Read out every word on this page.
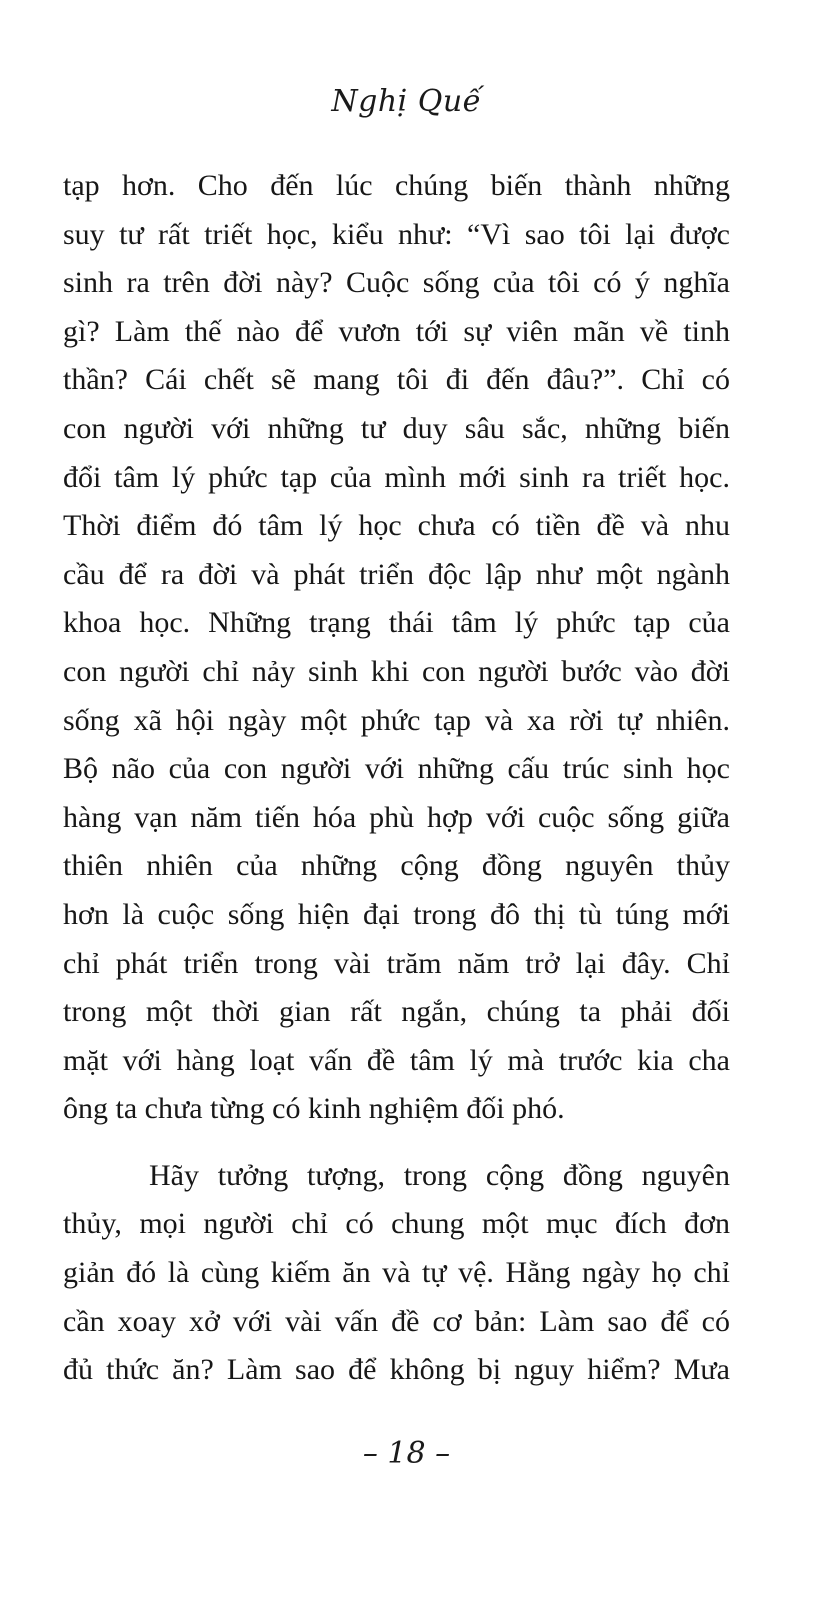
Nghị Quế

tạp hơn. Cho đến lúc chúng biến thành những
suy tư rất triết học, kiểu như: “Vì sao tôi lại được
sinh ra trên đời này? Cuộc sống của tôi có ý nghĩa
gì? Làm thế nào để vươn tới sự viên mãn về tinh
thần? Cái chết sẽ mang tôi đi đến đâu?”. Chỉ có
con người với những tư duy sâu sắc, những biến
đổi tâm lý phức tạp của mình mới sinh ra triết học.
Thời điểm đó tâm lý học chưa có tiền đề và nhu
cầu để ra đời và phát triển độc lập như một ngành
khoa học. Những trạng thái tâm lý phức tạp của
con người chỉ nảy sinh khi con người bước vào đời
sống xã hội ngày một phức tạp và xa rời tự nhiên.
Bộ não của con người với những cấu trúc sinh học
hàng vạn năm tiến hóa phù hợp với cuộc sống giữa
thiên nhiên của những cộng đồng nguyên thủy
hơn là cuộc sống hiện đại trong đô thị tù túng mới
chỉ phát triển trong vài trăm năm trở lại đây. Chỉ
trong một thời gian rất ngắn, chúng ta phải đối
mặt với hàng loạt vấn đề tâm lý mà trước kia cha
ông ta chưa từng có kinh nghiệm đối phó.

Hãy tưởng tượng, trong cộng đồng nguyên
thủy, mọi người chỉ có chung một mục đích đơn
giản đó là cùng kiếm ăn và tự vệ. Hằng ngày họ chỉ
cần xoay xở với vài vấn đề cơ bản: Làm sao để có
đủ thức ăn? Làm sao để không bị nguy hiểm? Mưa

– 18 –
